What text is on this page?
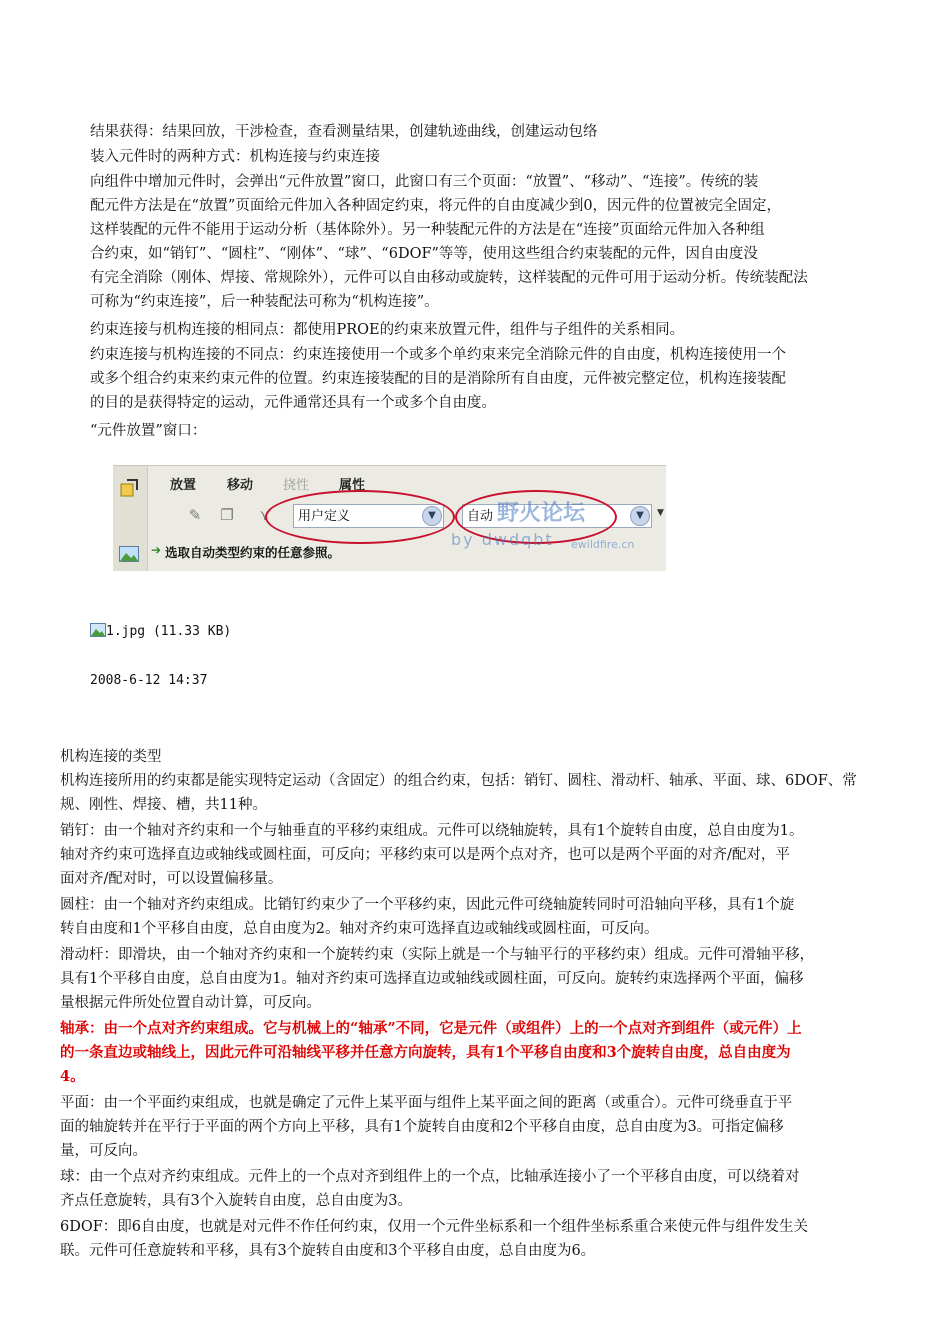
结果获得：结果回放，干涉检查，查看测量结果，创建轨迹曲线，创建运动包络
装入元件时的两种方式：机构连接与约束连接
向组件中增加元件时，会弹出“元件放置”窗口，此窗口有三个页面：“放置”、“移动”、“连接”。传统的装
配元件方法是在“放置”页面给元件加入各种固定约束，将元件的自由度减少到0，因元件的位置被完全固定，
这样装配的元件不能用于运动分析（基体除外）。另一种装配元件的方法是在“连接”页面给元件加入各种组
合约束，如“销钉”、“圆柱”、“刚体”、“球”、“6DOF”等等，使用这些组合约束装配的元件，因自由度没
有完全消除（刚体、焊接、常规除外），元件可以自由移动或旋转，这样装配的元件可用于运动分析。传统装配法
可称为“约束连接”，后一种装配法可称为“机构连接”。
约束连接与机构连接的相同点：都使用PROE的约束来放置元件，组件与子组件的关系相同。
约束连接与机构连接的不同点：约束连接使用一个或多个单约束来完全消除元件的自由度，机构连接使用一个
或多个组合约束来约束元件的位置。约束连接装配的目的是消除所有自由度，元件被完整定位，机构连接装配
的目的是获得特定的运动，元件通常还具有一个或多个自由度。
“元件放置”窗口：
放置 移动 挠性 属性
✎ ❐	⋎	用户定义	▼	自动	▼	▼
野火论坛
by dwdqbt ewildfire.cn
➔ 选取自动类型约束的任意参照。
1.jpg (11.33 KB)
2008-6-12 14:37
机构连接的类型
机构连接所用的约束都是能实现特定运动（含固定）的组合约束，包括：销钉、圆柱、滑动杆、轴承、平面、球、6DOF、常
规、刚性、焊接、槽，共11种。
销钉：由一个轴对齐约束和一个与轴垂直的平移约束组成。元件可以绕轴旋转，具有1个旋转自由度，总自由度为1。
轴对齐约束可选择直边或轴线或圆柱面，可反向；平移约束可以是两个点对齐，也可以是两个平面的对齐/配对，平
面对齐/配对时，可以设置偏移量。
圆柱：由一个轴对齐约束组成。比销钉约束少了一个平移约束，因此元件可绕轴旋转同时可沿轴向平移，具有1个旋
转自由度和1个平移自由度，总自由度为2。轴对齐约束可选择直边或轴线或圆柱面，可反向。
滑动杆：即滑块，由一个轴对齐约束和一个旋转约束（实际上就是一个与轴平行的平移约束）组成。元件可滑轴平移，
具有1个平移自由度，总自由度为1。轴对齐约束可选择直边或轴线或圆柱面，可反向。旋转约束选择两个平面，偏移
量根据元件所处位置自动计算，可反向。
轴承：由一个点对齐约束组成。它与机械上的“轴承”不同，它是元件（或组件）上的一个点对齐到组件（或元件）上
的一条直边或轴线上，因此元件可沿轴线平移并任意方向旋转，具有1个平移自由度和3个旋转自由度，总自由度为
4。
平面：由一个平面约束组成，也就是确定了元件上某平面与组件上某平面之间的距离（或重合）。元件可绕垂直于平
面的轴旋转并在平行于平面的两个方向上平移，具有1个旋转自由度和2个平移自由度，总自由度为3。可指定偏移
量，可反向。
球：由一个点对齐约束组成。元件上的一个点对齐到组件上的一个点，比轴承连接小了一个平移自由度，可以绕着对
齐点任意旋转，具有3个入旋转自由度，总自由度为3。
6DOF：即6自由度，也就是对元件不作任何约束，仅用一个元件坐标系和一个组件坐标系重合来使元件与组件发生关
联。元件可任意旋转和平移，具有3个旋转自由度和3个平移自由度，总自由度为6。
